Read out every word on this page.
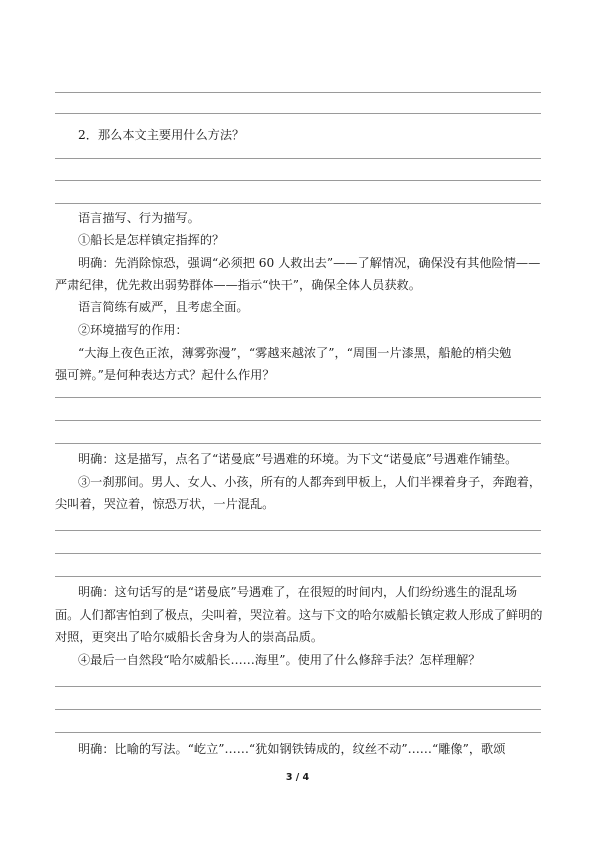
2．那么本文主要用什么方法？
语言描写、行为描写。
①船长是怎样镇定指挥的？
明确：先消除惊恐，强调“必须把 60 人救出去”——了解情况，确保没有其他险情——
严肃纪律，优先救出弱势群体——指示“快干”，确保全体人员获救。
语言简练有威严，且考虑全面。
②环境描写的作用：
“大海上夜色正浓，薄雾弥漫”，“雾越来越浓了”，“周围一片漆黑，船舱的梢尖勉
强可辨。”是何种表达方式？起什么作用？
明确：这是描写，点名了“诺曼底”号遇难的环境。为下文“诺曼底”号遇难作铺垫。
③一刹那间。男人、女人、小孩，所有的人都奔到甲板上，人们半裸着身子，奔跑着，
尖叫着，哭泣着，惊恐万状，一片混乱。
明确：这句话写的是“诺曼底”号遇难了，在很短的时间内，人们纷纷逃生的混乱场
面。人们都害怕到了极点，尖叫着，哭泣着。这与下文的哈尔威船长镇定救人形成了鲜明的
对照，更突出了哈尔威船长舍身为人的崇高品质。
④最后一自然段“哈尔威船长……海里”。使用了什么修辞手法？怎样理解？
明确：比喻的写法。“屹立”……“犹如钢铁铸成的，纹丝不动”……“雕像”，歌颂
3 / 4
